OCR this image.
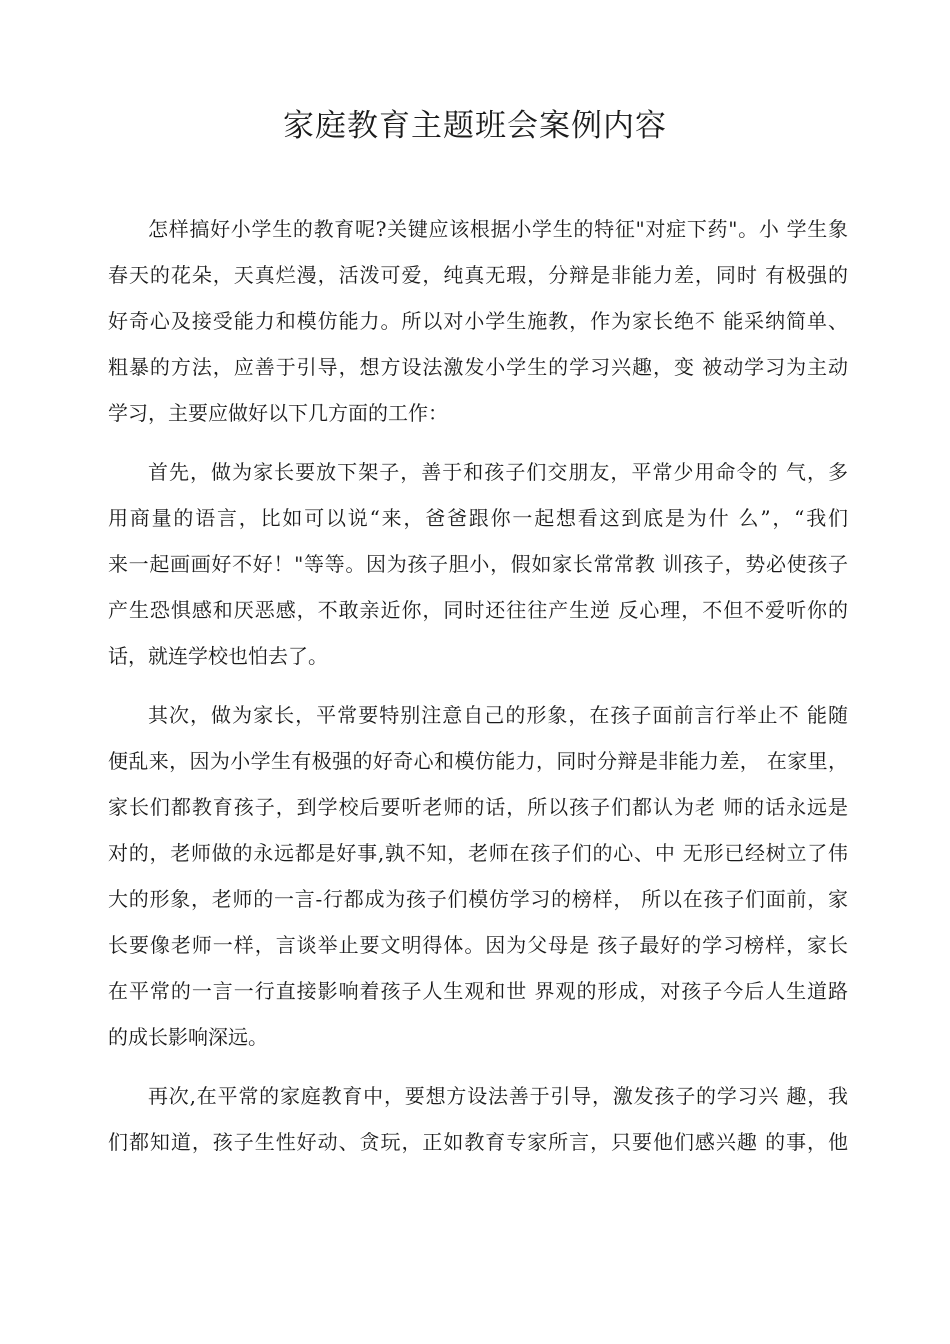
家庭教育主题班会案例内容
怎样搞好小学生的教育呢?关键应该根据小学生的特征"对症下药"。小 学生象
春天的花朵，天真烂漫，活泼可爱，纯真无瑕，分辩是非能力差，同时 有极强的
好奇心及接受能力和模仿能力。所以对小学生施教，作为家长绝不 能采纳简单、
粗暴的方法，应善于引导，想方设法激发小学生的学习兴趣，变 被动学习为主动
学习，主要应做好以下几方面的工作：
首先，做为家长要放下架子，善于和孩子们交朋友，平常少用命令的 气，多
用商量的语言，比如可以说“来，爸爸跟你一起想看这到底是为什 么”，“我们
来一起画画好不好！"等等。因为孩子胆小，假如家长常常教 训孩子，势必使孩子
产生恐惧感和厌恶感，不敢亲近你，同时还往往产生逆 反心理，不但不爱听你的
话，就连学校也怕去了。
其次，做为家长，平常要特别注意自己的形象，在孩子面前言行举止不 能随
便乱来，因为小学生有极强的好奇心和模仿能力，同时分辩是非能力差， 在家里，
家长们都教育孩子，到学校后要听老师的话，所以孩子们都认为老 师的话永远是
对的，老师做的永远都是好事,孰不知，老师在孩子们的心、中 无形已经树立了伟
大的形象，老师的一言-行都成为孩子们模仿学习的榜样， 所以在孩子们面前，家
长要像老师一样，言谈举止要文明得体。因为父母是 孩子最好的学习榜样，家长
在平常的一言一行直接影响着孩子人生观和世 界观的形成，对孩子今后人生道路
的成长影响深远。
再次,在平常的家庭教育中，要想方设法善于引导，激发孩子的学习兴 趣，我
们都知道，孩子生性好动、贪玩，正如教育专家所言，只要他们感兴趣 的事，他
